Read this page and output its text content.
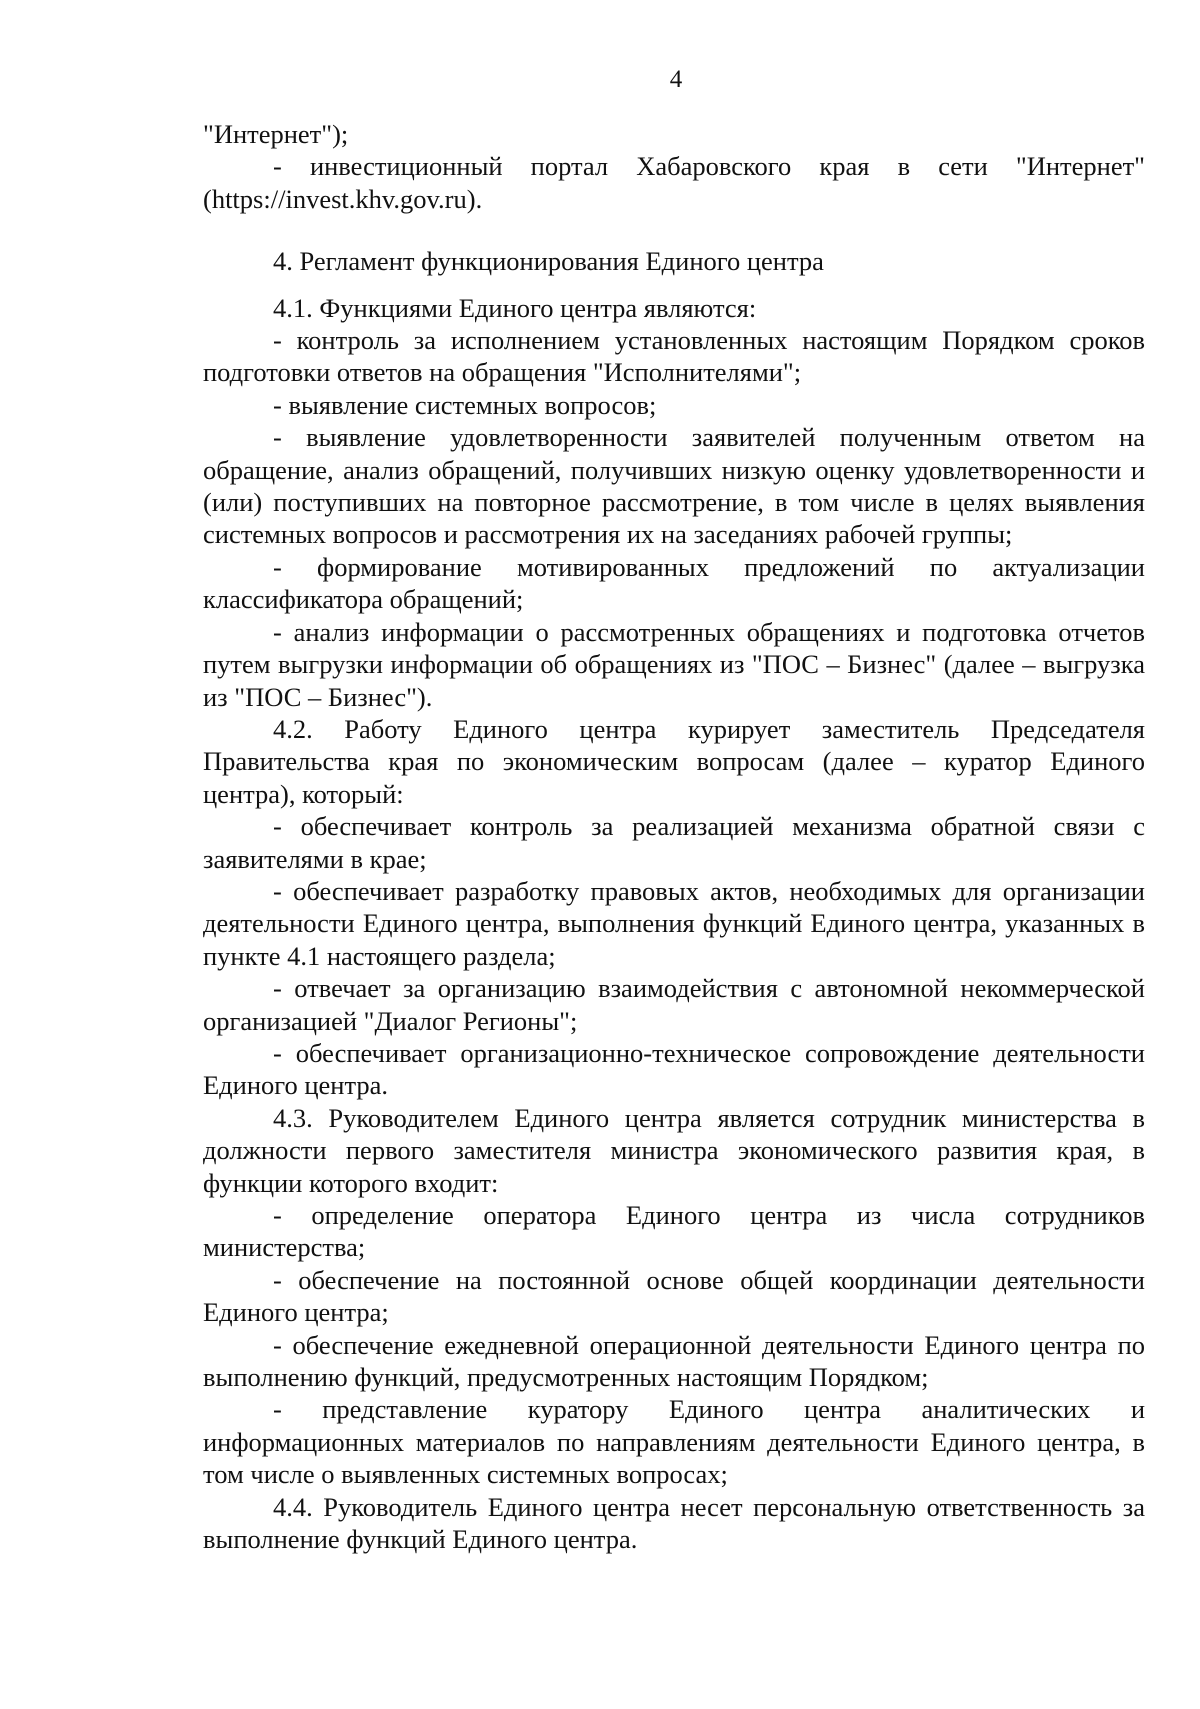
4

"Интернет");

- инвестиционный портал Хабаровского края в сети "Интернет" (https://invest.khv.gov.ru).

4. Регламент функционирования Единого центра

4.1. Функциями Единого центра являются:

- контроль за исполнением установленных настоящим Порядком сроков подготовки ответов на обращения "Исполнителями";

- выявление системных вопросов;

- выявление удовлетворенности заявителей полученным ответом на обращение, анализ обращений, получивших низкую оценку удовлетворенности и (или) поступивших на повторное рассмотрение, в том числе в целях выявления системных вопросов и рассмотрения их на заседаниях рабочей группы;

- формирование мотивированных предложений по актуализации классификатора обращений;

- анализ информации о рассмотренных обращениях и подготовка отчетов путем выгрузки информации об обращениях из "ПОС – Бизнес" (далее – выгрузка из "ПОС – Бизнес").

4.2. Работу Единого центра курирует заместитель Председателя Правительства края по экономическим вопросам (далее – куратор Единого центра), который:

- обеспечивает контроль за реализацией механизма обратной связи с заявителями в крае;

- обеспечивает разработку правовых актов, необходимых для организации деятельности Единого центра, выполнения функций Единого центра, указанных в пункте 4.1 настоящего раздела;

- отвечает за организацию взаимодействия с автономной некоммерческой организацией "Диалог Регионы";

- обеспечивает организационно-техническое сопровождение деятельности Единого центра.

4.3. Руководителем Единого центра является сотрудник министерства в должности первого заместителя министра экономического развития края, в функции которого входит:

- определение оператора Единого центра из числа сотрудников министерства;

- обеспечение на постоянной основе общей координации деятельности Единого центра;

- обеспечение ежедневной операционной деятельности Единого центра по выполнению функций, предусмотренных настоящим Порядком;

- представление куратору Единого центра аналитических и информационных материалов по направлениям деятельности Единого центра, в том числе о выявленных системных вопросах;

4.4. Руководитель Единого центра несет персональную ответственность за выполнение функций Единого центра.
